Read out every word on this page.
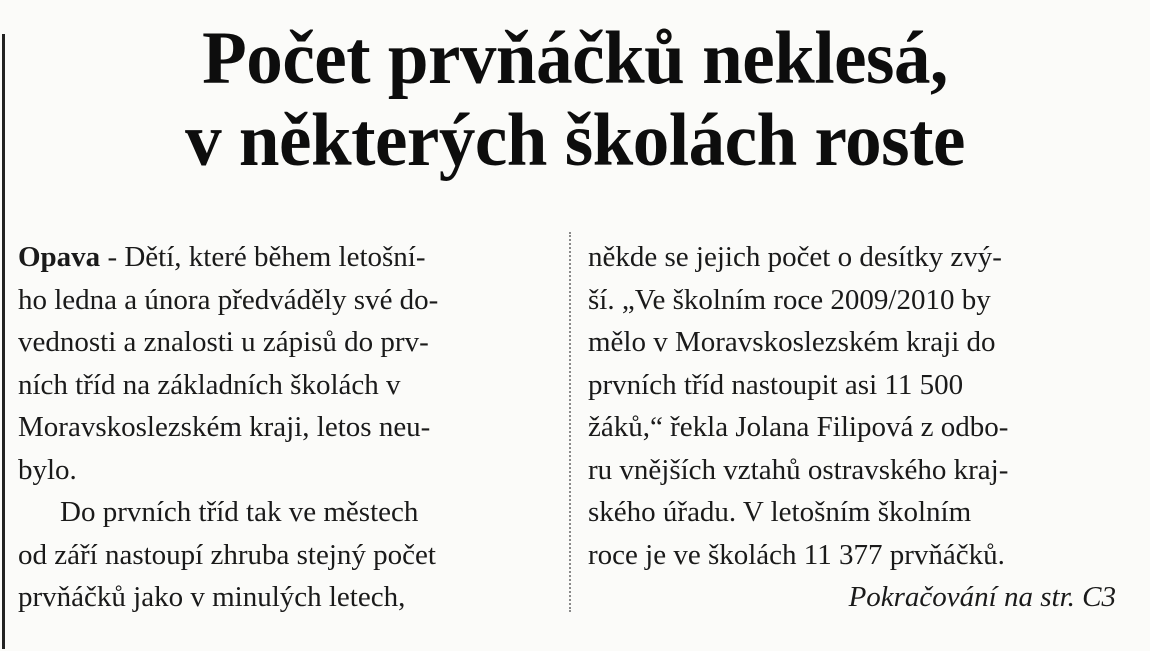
Počet prvňáčků neklesá,
v některých školách roste
Opava - Dětí, které během letošní-
ho ledna a února předváděly své do-
vednosti a znalosti u zápisů do prv-
ních tříd na základních školách v
Moravskoslezském kraji, letos neu-
bylo.
Do prvních tříd tak ve městech
od září nastoupí zhruba stejný počet
prvňáčků jako v minulých letech,
někde se jejich počet o desítky zvý-
ší. „Ve školním roce 2009/2010 by
mělo v Moravskoslezském kraji do
prvních tříd nastoupit asi 11 500
žáků,“ řekla Jolana Filipová z odbo-
ru vnějších vztahů ostravského kraj-
ského úřadu. V letošním školním
roce je ve školách 11 377 prvňáčků.
Pokračování na str. C3
